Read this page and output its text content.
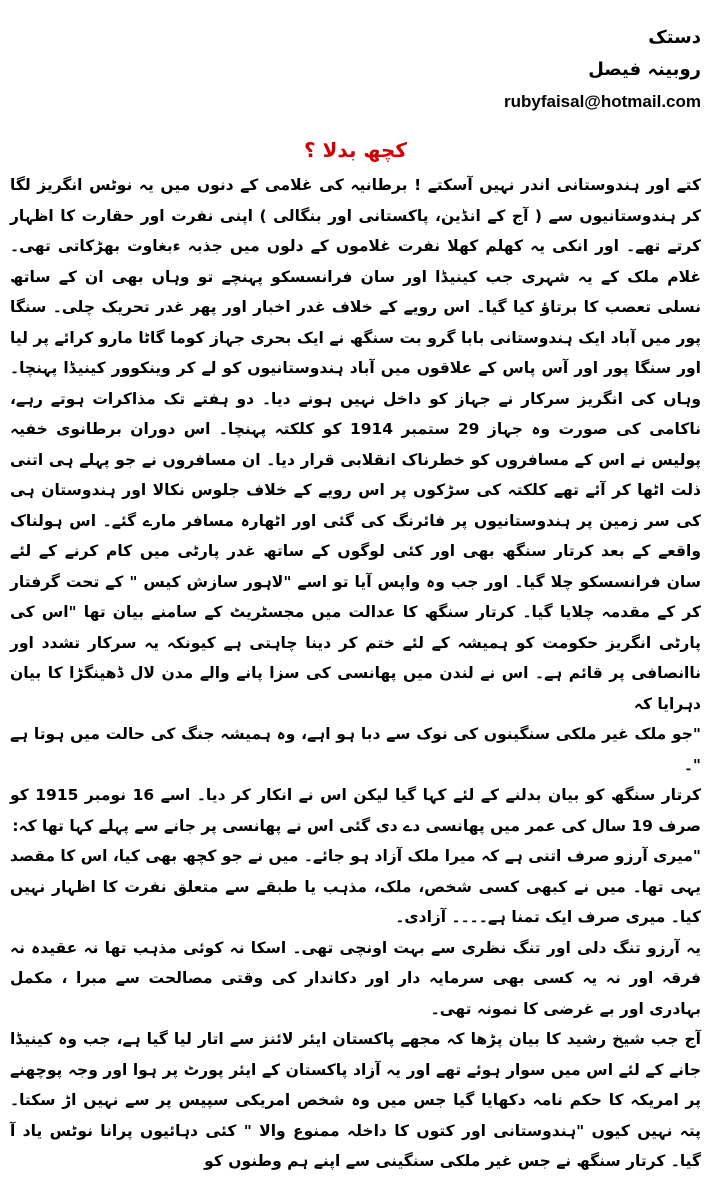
دستک
روبینہ فیصل
rubyfaisal@hotmail.com
کچھ بدلا ؟

کتے اور ہندوستانی اندر نہیں آسکتے ! برطانیہ کی غلامی کے دنوں میں یہ نوٹس انگریز لگا کر ہندوستانیوں سے ( آج کے انڈین، پاکستانی اور بنگالی ) اپنی نفرت اور حقارت کا اظہار کرتے تھے۔ اور انکی یہ کھلم کھلا نفرت غلاموں کے دلوں میں جذبہ ءبغاوت بھڑکاتی تھی۔ غلام ملک کے یہ شہری جب کینیڈا اور سان فرانسسکو پہنچے تو وہاں بھی ان کے ساتھ نسلی تعصب کا برتاؤ کیا گیا۔ اس رویے کے خلاف غدر اخبار اور پھر غدر تحریک چلی۔ سنگا پور میں آباد ایک ہندوستانی بابا گرو بت سنگھ نے ایک بحری جہاز کوما گاٹا مارو کرائے پر لیا اور سنگا پور اور آس پاس کے علاقوں میں آباد ہندوستانیوں کو لے کر وینکوور کینیڈا پہنچا۔ وہاں کی انگریز سرکار نے جہاز کو داخل نہیں ہونے دیا۔ دو ہفتے تک مذاکرات ہوتے رہے، ناکامی کی صورت وہ جہاز 29 ستمبر 1914 کو کلکتہ پہنچا۔ اس دوران برطانوی خفیہ پولیس نے اس کے مسافروں کو خطرناک انقلابی قرار دیا۔ ان مسافروں نے جو پہلے ہی اتنی ذلت اٹھا کر آئے تھے کلکتہ کی سڑکوں پر اس رویے کے خلاف جلوس نکالا اور ہندوستان ہی کی سر زمین پر ہندوستانیوں پر فائرنگ کی گئی اور اٹھارہ مسافر مارے گئے۔ اس ہولناک واقعے کے بعد کرتار سنگھ بھی اور کئی لوگوں کے ساتھ غدر پارٹی میں کام کرنے کے لئے سان فرانسسکو چلا گیا۔ اور جب وہ واپس آیا تو اسے "لاہور سازش کیس " کے تحت گرفتار کر کے مقدمہ چلایا گیا۔ کرتار سنگھ کا عدالت میں مجسٹریٹ کے سامنے بیان تھا "اس کی پارٹی انگریز حکومت کو ہمیشہ کے لئے ختم کر دینا چاہتی ہے کیونکہ یہ سرکار تشدد اور ناانصافی پر قائم ہے۔ اس نے لندن میں پھانسی کی سزا پانے والے مدن لال ڈھینگڑا کا بیان دہرایا کہ

"جو ملک غیر ملکی سنگینوں کی نوک سے دبا ہو اہے، وہ ہمیشہ جنگ کی حالت میں ہوتا ہے "۔

کرتار سنگھ کو بیان بدلنے کے لئے کہا گیا لیکن اس نے انکار کر دیا۔ اسے 16 نومبر 1915 کو صرف 19 سال کی عمر میں پھانسی دے دی گئی اس نے پھانسی پر جانے سے پہلے کہا تھا کہ:

"میری آرزو صرف اتنی ہے کہ میرا ملک آزاد ہو جائے۔ میں نے جو کچھ بھی کیا، اس کا مقصد یہی تھا۔ میں نے کبھی کسی شخص، ملک، مذہب یا طبقے سے متعلق نفرت کا اظہار نہیں کیا۔ میری صرف ایک تمنا ہے۔۔۔۔ آزادی۔

یہ آرزو تنگ دلی اور تنگ نظری سے بہت اونچی تھی۔ اسکا نہ کوئی مذہب تھا نہ عقیدہ نہ فرقہ اور نہ یہ کسی بھی سرمایہ دار اور دکاندار کی وقتی مصالحت سے مبرا ، مکمل بہادری اور بے غرضی کا نمونہ تھی۔

آج جب شیخ رشید کا بیان پڑھا کہ مجھے پاکستان ایئر لائنز سے اتار لیا گیا ہے، جب وہ کینیڈا جانے کے لئے اس میں سوار ہوئے تھے اور یہ آزاد پاکستان کے ایئر پورٹ پر ہوا اور وجہ پوچھنے پر امریکہ کا حکم نامہ دکھایا گیا جس میں وہ شخص امریکی سپیس پر سے نہیں اڑ سکتا۔ پتہ نہیں کیوں "ہندوستانی اور کتوں کا داخلہ ممنوع والا " کئی دہائیوں پرانا نوٹس یاد آ گیا۔ کرتار سنگھ نے جس غیر ملکی سنگینی سے اپنے ہم وطنوں کو
